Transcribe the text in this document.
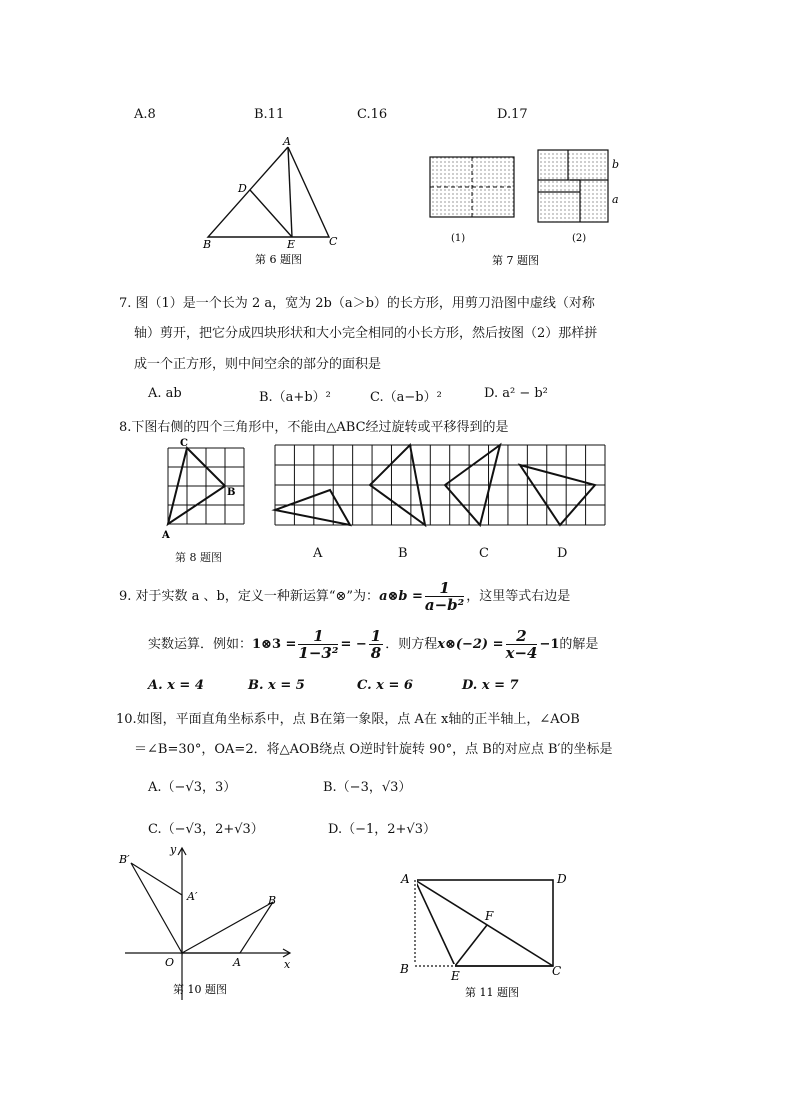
A.8	B.11	C.16	D.17
A
D
B	E	C
第 6 题图
b
a
(1)	(2)
第 7 题图
7. 图（1）是一个长为 2 a，宽为 2b（a＞b）的长方形，用剪刀沿图中虚线（对称
轴）剪开，把它分成四块形状和大小完全相同的小长方形，然后按图（2）那样拼
成一个正方形，则中间空余的部分的面积是
A. ab	B.（a+b）²	C.（a−b）²	D. a² − b²
8.下图右侧的四个三角形中，不能由△ABC经过旋转或平移得到的是
C
B
A
第 8 题图	A	B	C	D
9. 对于实数 a 、b，定义一种新运算“⊗”为：a⊗b = $\frac{1}{\text{a−b²}}$ ，这里等式右边是
实数运算．例如：1⊗3 = $\frac{1}{\text{1−3²}}$ = − $\frac{1}{8}$ ．则方程x⊗(−2) = $\frac{2}{x-4} -1$的解是
A. x = 4	B. x = 5	C. x = 6	D. x = 7
10.如图，平面直角坐标系中，点 B在第一象限，点 A在 x轴的正半轴上，∠AOB
＝∠B=30°，OA=2．将△AOB绕点 O逆时针旋转 90°，点 B的对应点 B′的坐标是
A.（−√3，3）	B.（−3，√3）
C.（−√3，2+√3）	D.（−1，2+√3）
y
x
O	A
B
A′
B′
第 10 题图
A	D
F
B	E	C
第 11 题图
